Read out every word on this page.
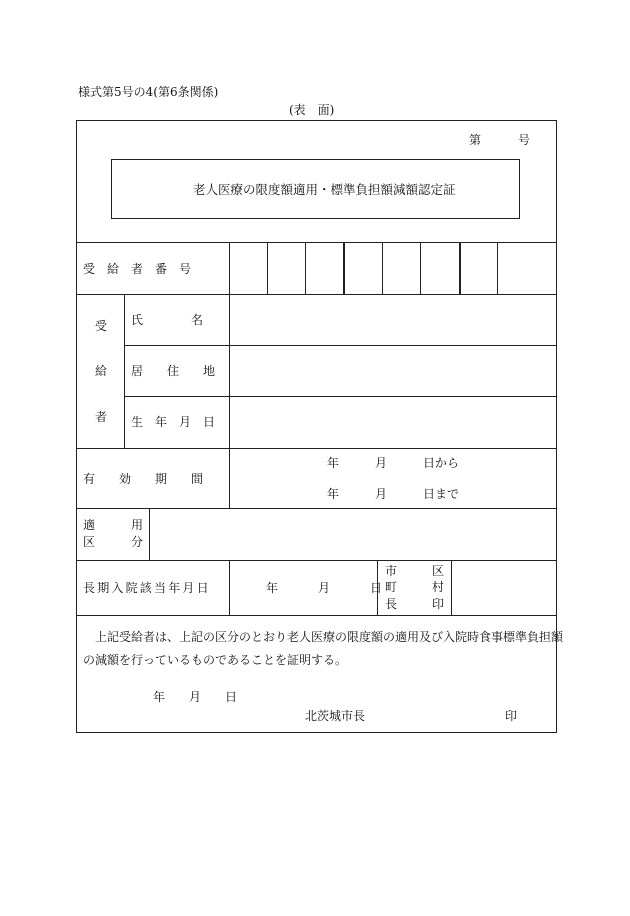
様式第5号の4(第6条関係)
(表　面)
第	号
老人医療の限度額適用・標準負担額減額認定証
受　給　者　番　号
受
給
者
氏　　　　名
居　住　地
生　年　月　日
有　　効　　期　　間
年　　　月　　　日から
年　　　月　　　日まで
適　　　用
区　　　分
長期入院該当年月日	年　　　月　　　日
市	区
町	村
長	印
上記受給者は、上記の区分のとおり老人医療の限度額の適用及び入院時食事標準負担額
の減額を行っているものであることを証明する。
年　　月　　日
北茨城市長	印
